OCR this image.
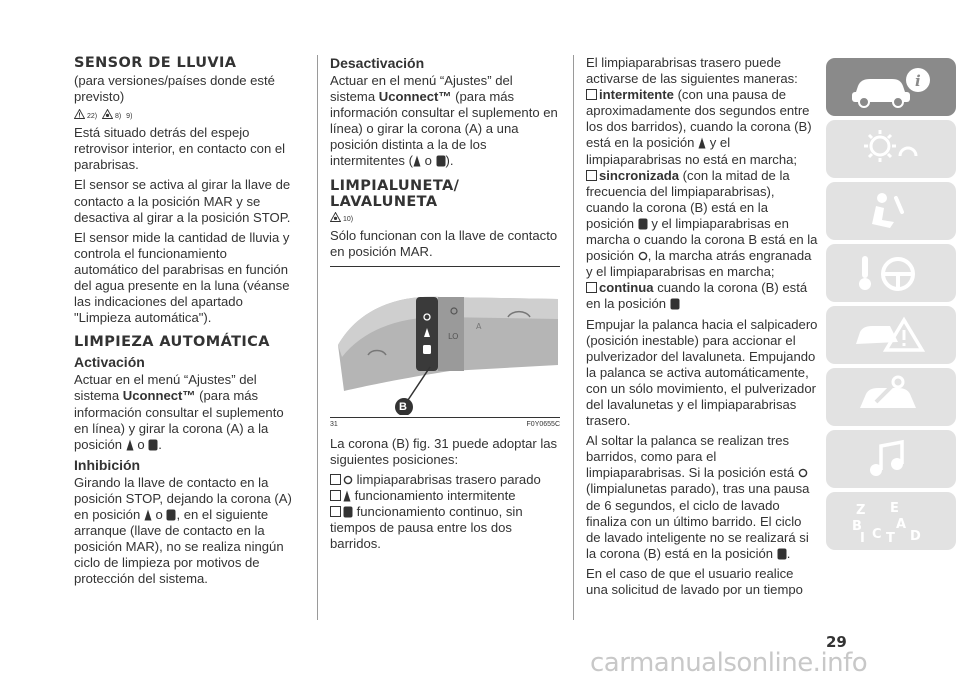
SENSOR DE LLUVIA

(para versiones/países donde esté previsto)

22)	8) 9)

Está situado detrás del espejo retrovisor interior, en contacto con el parabrisas.

El sensor se activa al girar la llave de contacto a la posición MAR y se desactiva al girar a la posición STOP.

El sensor mide la cantidad de lluvia y controla el funcionamiento automático del parabrisas en función del agua presente en la luna (véanse las indicaciones del apartado "Limpieza automática").

LIMPIEZA AUTOMÁTICA
Activación

Actuar en el menú “Ajustes” del sistema Uconnect™ (para más información consultar el suplemento en línea) y girar la corona (A) a la posición  o .

Inhibición

Girando la llave de contacto en la posición STOP, dejando la corona (A) en posición  o , en el siguiente arranque (llave de contacto en la posición MAR), no se realiza ningún ciclo de limpieza por motivos de protección del sistema.

Desactivación

Actuar en el menú “Ajustes” del sistema Uconnect™ (para más información consultar el suplemento en línea) o girar la corona (A) a una posición distinta a la de los intermitentes ( o ).

LIMPIALUNETA/ LAVALUNETA
10)

Sólo funcionan con la llave de contacto en posición MAR.

LO
A
B
31	F0Y0655C

La corona (B) fig. 31 puede adoptar las siguientes posiciones:

limpiaparabrisas trasero parado
funcionamiento intermitente
funcionamiento continuo, sin tiempos de pausa entre los dos barridos.

El limpiaparabrisas trasero puede activarse de las siguientes maneras:

intermitente (con una pausa de aproximadamente dos segundos entre los dos barridos), cuando la corona (B) está en la posición  y el limpiaparabrisas no está en marcha;

sincronizada (con la mitad de la frecuencia del limpiaparabrisas), cuando la corona (B) está en la posición  y el limpiaparabrisas en marcha o cuando la corona B está en la posición , la marcha atrás engranada y el limpiaparabrisas en marcha;

continua cuando la corona (B) está en la posición

Empujar la palanca hacia el salpicadero (posición inestable) para accionar el pulverizador del lavaluneta. Empujando la palanca se activa automáticamente, con un sólo movimiento, el pulverizador del lavalunetas y el limpiaparabrisas trasero.

Al soltar la palanca se realizan tres barridos, como para el limpiaparabrisas. Si la posición está  (limpialunetas parado), tras una pausa de 6 segundos, el ciclo de lavado finaliza con un último barrido. El ciclo de lavado inteligente no se realizará si la corona (B) está en la posición .

En el caso de que el usuario realice una solicitud de lavado por un tiempo

i
Z E
B	A
I C T D
29
carmanualsonline.info
